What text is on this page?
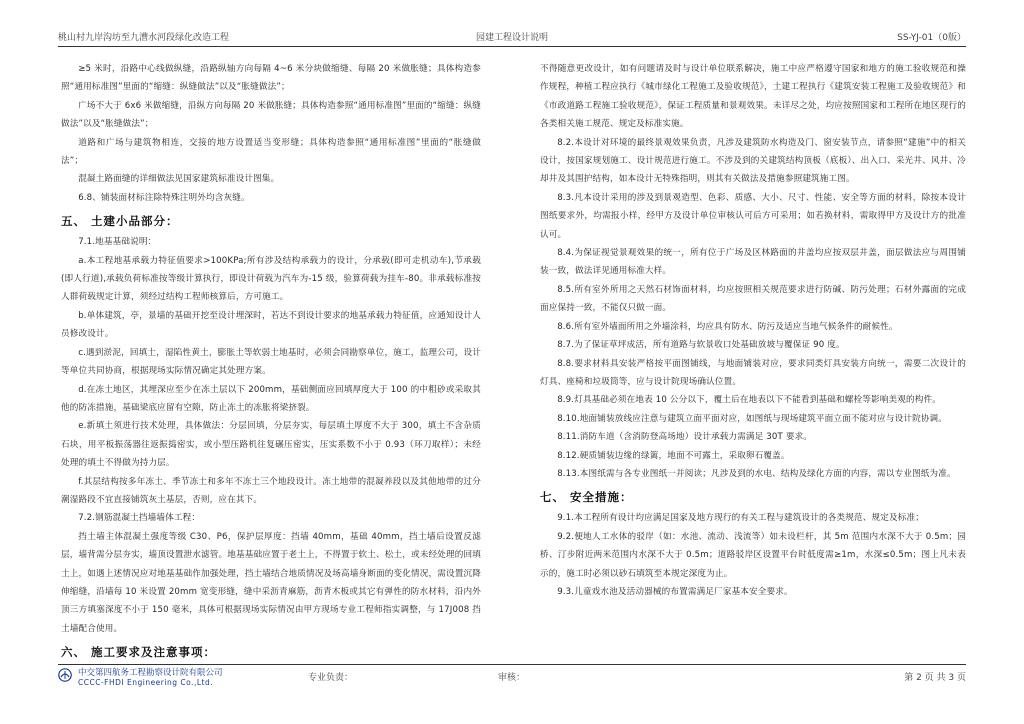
桃山村九岸沟坊至九漕水河段绿化改造工程	园建工程设计说明	SS-YJ-01（0版）

≥5 米时，沿路中心线做纵缝，沿路纵轴方向每隔 4~6 米分块做缩缝、每隔 20 米做胀缝；具体构造参照“通用标准图”里面的“缩缝：纵缝做法”以及“胀缝做法”；

广场不大于 6x6 米做缩缝，沿纵方向每隔 20 米做胀缝；具体构造参照“通用标准图”里面的“缩缝：纵缝做法”以及“胀缝做法”；

道路和广场与建筑物相连，交接的地方设置适当变形缝；具体构造参照“通用标准图”里面的“胀缝做法”；

混凝土路面缝的详细做法见国家建筑标准设计图集。

6.8、铺装面材标注除特殊注明外均含灰缝。

五、 土建小品部分：

7.1.地基基础说明：

a.本工程地基承载力特征值要求>100KPa;所有涉及结构承载力的设计，分承载(即可走机动车),节承载(即人行道),承载负荷标准按等级计算执行，即设计荷载为汽车为-15 级，验算荷载为挂车-80。非承载标准按人群荷载规定计算，须经过结构工程师核算后，方可施工。

b.单体建筑，亭，景墙的基础开挖至设计埋深时，若达不到设计要求的地基承载力特征值，应通知设计人员修改设计。

c.遇到淤泥，回填土，湿陷性黄土，膨胀土等软弱土地基时，必须会同勘察单位，施工，监理公司，设计等单位共同协商，根据现场实际情况确定其处理方案。

d.在冻土地区，其埋深应至少在冻土层以下 200mm，基础侧面应回填厚度大于 100 的中粗砂或采取其他的防冻措施，基础梁底应留有空隙，防止冻土的冻胀将梁挤裂。

e.新填土须进行技术处理，具体做法：分层回填，分层夯实，每层填土厚度不大于 300，填土不含杂质石块，用平板振荡器往返振捣密实，或小型压路机往复碾压密实，压实系数不小于 0.93（环刀取样）；未经处理的填土不得做为持力层。

f.其层结构按多年冻土、季节冻土和多年不冻土三个地段设计。冻土地带的混凝养段以及其他地带的过分潮湿路段不宜直接铺筑灰土基层，否则，应在其下。

7.2.钢筋混凝土挡墙墙体工程：

挡土墙主体混凝土强度等级 C30、P6，保护层厚度：挡墙 40mm，基础 40mm，挡土墙后设置反滤层，墙背需分层夯实，墙顶设置泄水滤管。地基基础应置于老土上，不得置于软土、松土，或未经处理的回填土上，如遇上述情况应对地基基础作加强处理，挡土墙结合地质情况及场高墙身断面的变化情况，需设置沉降伸缩缝，沿墙每 10 米设置 20mm 宽变形缝，缝中采沥青麻筋，沥青木板或其它有弹性的防水材料，沿内外顶三方填塞深度不小于 150 毫米，具体可根据现场实际情况由甲方现场专业工程师指实调整，与 17J008 挡土墙配合使用。

六、 施工要求及注意事项：

不得随意更改设计，如有问题请及时与设计单位联系解决，施工中应严格遵守国家和地方的施工验收规范和操作规程，种植工程应执行《城市绿化工程施工及验收规范》，土建工程执行《建筑安装工程施工及验收规范》和《市政道路工程施工验收规范》，保证工程质量和景观效果。未详尽之处，均应按照国家和工程所在地区现行的各类相关施工规范、规定及标准实施。

8.2.本设计对环境的最终景观效果负责，凡涉及建筑防水构造及门、窗安装节点，请参照“建施”中的相关设计，按国家规划施工、设计规范进行施工。不涉及到的关建筑结构顶板（底板）、出入口、采光井、风井、冷却井及其围护结构，如本设计无特殊指明，则其有关做法及措施参照建筑施工图。

8.3.凡本设计采用的涉及到景观造型、色彩、质感、大小、尺寸、性能、安全等方面的材料，除按本设计图纸要求外，均需报小样，经甲方及设计单位审核认可后方可采用；如若换材料，需取得甲方及设计方的批准认可。

8.4.为保证视觉景观效果的统一，所有位于广场及区林路面的井盖均应按双层井盖，面层做法应与周围铺装一致，做法详见通用标准大样。

8.5.所有室外所用之天然石材饰面材料，均应按照相关规范要求进行防碱、防污处理；石材外露面的完成面应保持一致，不能仅只做一面。

8.6.所有室外墙面所用之外墙涂料，均应具有防水、防污及适应当地气候条件的耐候性。

8.7.为了保证草坪成活，所有道路与软景收口处基础放坡与覆保证 90 度。

8.8.要求材料具安装严格按平面图铺线，与地面铺装对应，要求同类灯具安装方向统一，需要二次设计的灯具、座椅和垃圾筒等，应与设计院现场确认位置。

8.9.灯具基础必须在地表 10 公分以下，覆土后在地表以下不能看到基础和螺栓等影响美观的构件。

8.10.地面铺装放线应注意与建筑立面平面对应，如图纸与现场建筑平面立面不能对应与设计院协调。

8.11.消防车道（含消防登高场地）设计承载力需满足 30T 要求。

8.12.硬质铺装边缘的绿篱，地面不可露土，采取卵石覆盖。

8.13.本图纸需与各专业图纸一并阅读；凡涉及到的水电、结构及绿化方面的内容，需以专业图纸为准。

七、 安全措施：

9.1.本工程所有设计均应满足国家及地方现行的有关工程与建筑设计的各类规范、规定及标准；

9.2.便地人工水体的驳岸（如：水池、流动、浅流等）如未设栏杆，其 5m 范围内水深不大于 0.5m；园桥、汀步附近两米范围内水深不大于 0.5m；道路驳岸区设置平台时低度需≥1m，水深≤0.5m；图上凡未表示的，施工时必须以砂石填筑至本规定深度为止。

9.3.儿童戏水池及活动器械的布置需满足厂家基本安全要求。

中交第四航务工程勘察设计院有限公司
CCCC-FHDI Engineering Co.,Ltd.	专业负责：	审核：	第 2 页 共 3 页
